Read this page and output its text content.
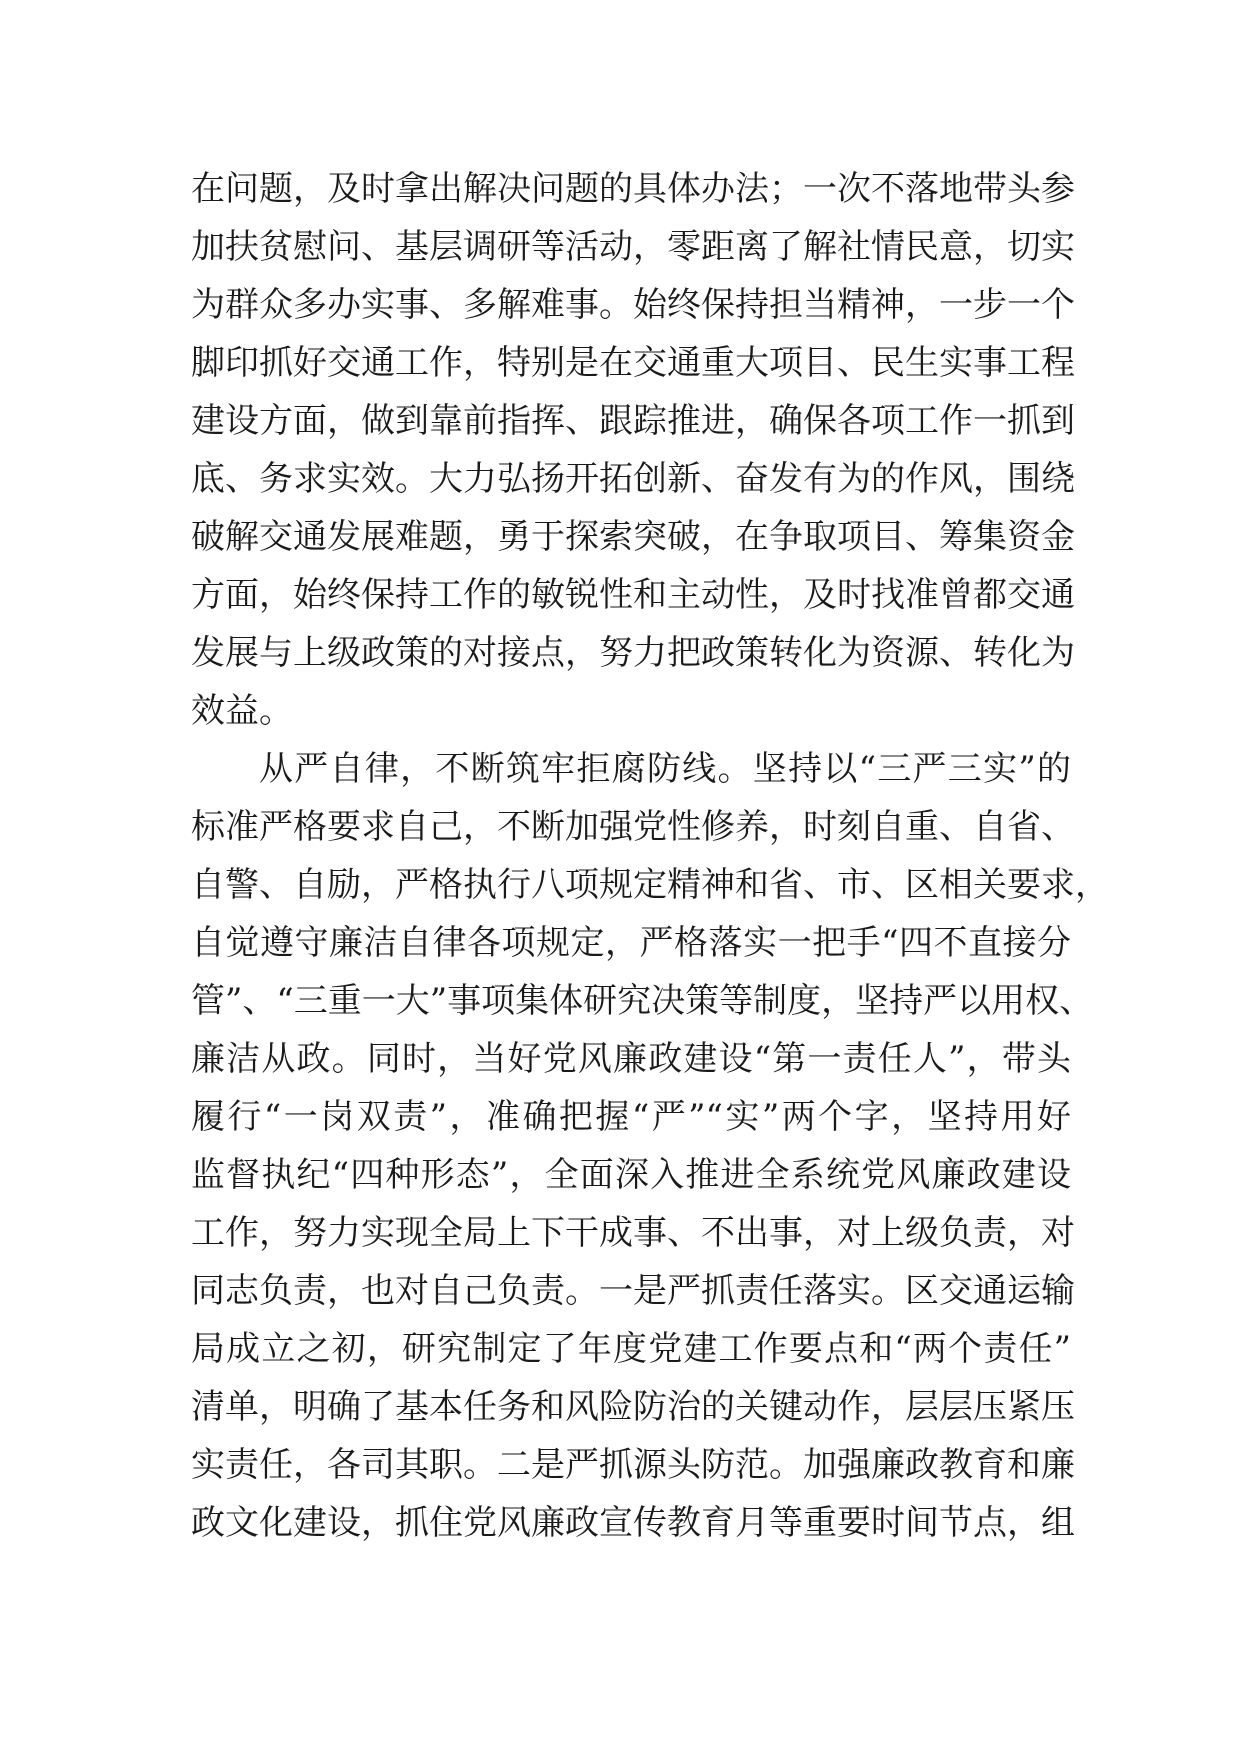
在问题，及时拿出解决问题的具体办法；一次不落地带头参
加扶贫慰问、基层调研等活动，零距离了解社情民意，切实
为群众多办实事、多解难事。始终保持担当精神，一步一个
脚印抓好交通工作，特别是在交通重大项目、民生实事工程
建设方面，做到靠前指挥、跟踪推进，确保各项工作一抓到
底、务求实效。大力弘扬开拓创新、奋发有为的作风，围绕
破解交通发展难题，勇于探索突破，在争取项目、筹集资金
方面，始终保持工作的敏锐性和主动性，及时找准曾都交通
发展与上级政策的对接点，努力把政策转化为资源、转化为
效益。
从严自律，不断筑牢拒腐防线。坚持以“三严三实”的
标准严格要求自己，不断加强党性修养，时刻自重、自省、
自警、自励，严格执行八项规定精神和省、市、区相关要求，
自觉遵守廉洁自律各项规定，严格落实一把手“四不直接分
管”、“三重一大”事项集体研究决策等制度，坚持严以用权、
廉洁从政。同时，当好党风廉政建设“第一责任人”，带头
履行“一岗双责”，准确把握“严”“实”两个字，坚持用好
监督执纪“四种形态”，全面深入推进全系统党风廉政建设
工作，努力实现全局上下干成事、不出事，对上级负责，对
同志负责，也对自己负责。一是严抓责任落实。区交通运输
局成立之初，研究制定了年度党建工作要点和“两个责任”
清单，明确了基本任务和风险防治的关键动作，层层压紧压
实责任，各司其职。二是严抓源头防范。加强廉政教育和廉
政文化建设，抓住党风廉政宣传教育月等重要时间节点，组
